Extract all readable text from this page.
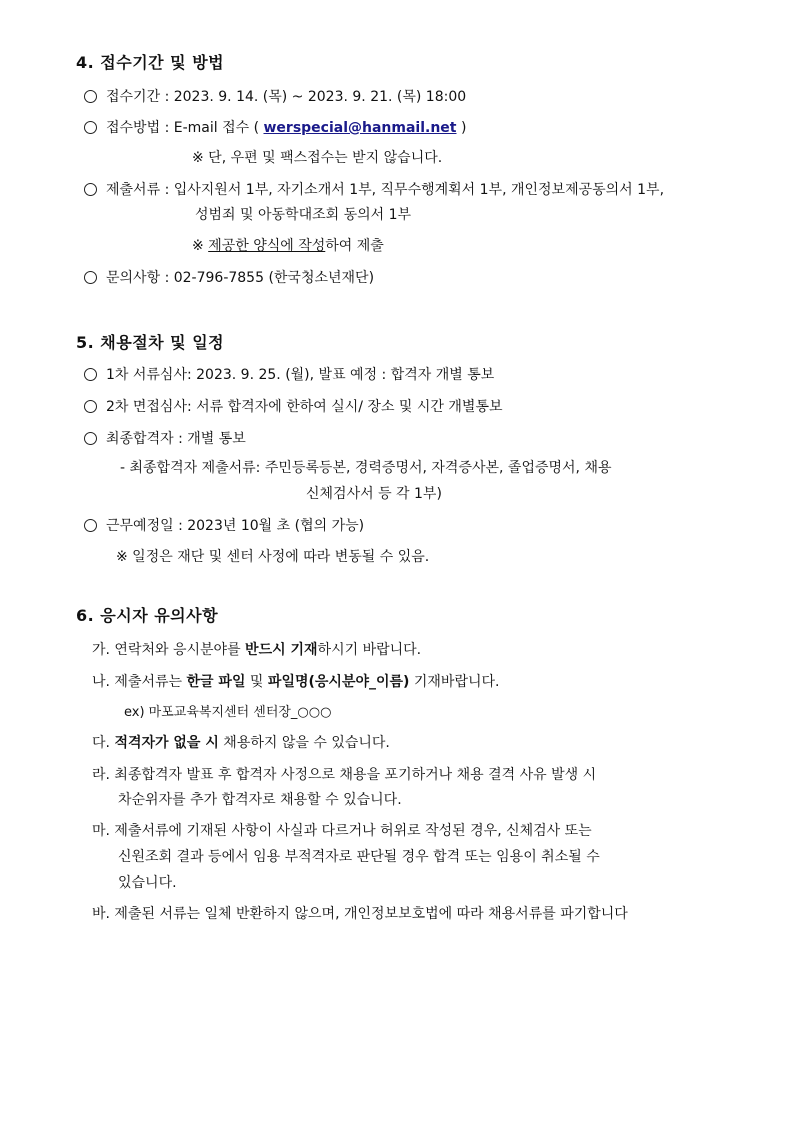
4. 접수기간 및 방법
접수기간 : 2023. 9. 14. (목) ~ 2023. 9. 21. (목) 18:00
접수방법 : E-mail 접수 ( werspecial@hanmail.net )
※ 단, 우편 및 팩스접수는 받지 않습니다.
제출서류 : 입사지원서 1부, 자기소개서 1부, 직무수행계획서 1부, 개인정보제공동의서 1부,
성범죄 및 아동학대조회 동의서 1부
※ 제공한 양식에 작성하여 제출
문의사항 : 02-796-7855 (한국청소년재단)
5. 채용절차 및 일정
1차 서류심사: 2023. 9. 25. (월), 발표 예정 : 합격자 개별 통보
2차 면접심사: 서류 합격자에 한하여 실시/ 장소 및 시간 개별통보
최종합격자 : 개별 통보
- 최종합격자 제출서류: 주민등록등본, 경력증명서, 자격증사본, 졸업증명서, 채용
신체검사서 등 각 1부)
근무예정일 : 2023년 10월 초 (협의 가능)
※ 일정은 재단 및 센터 사정에 따라 변동될 수 있음.
6. 응시자 유의사항
가. 연락처와 응시분야를 반드시 기재하시기 바랍니다.
나. 제출서류는 한글 파일 및 파일명(응시분야_이름) 기재바랍니다.
ex) 마포교육복지센터 센터장_○○○
다. 적격자가 없을 시 채용하지 않을 수 있습니다.
라. 최종합격자 발표 후 합격자 사정으로 채용을 포기하거나 채용 결격 사유 발생 시
차순위자를 추가 합격자로 채용할 수 있습니다.
마. 제출서류에 기재된 사항이 사실과 다르거나 허위로 작성된 경우, 신체검사 또는
신원조회 결과 등에서 임용 부적격자로 판단될 경우 합격 또는 임용이 취소될 수
있습니다.
바. 제출된 서류는 일체 반환하지 않으며, 개인정보보호법에 따라 채용서류를 파기합니다
